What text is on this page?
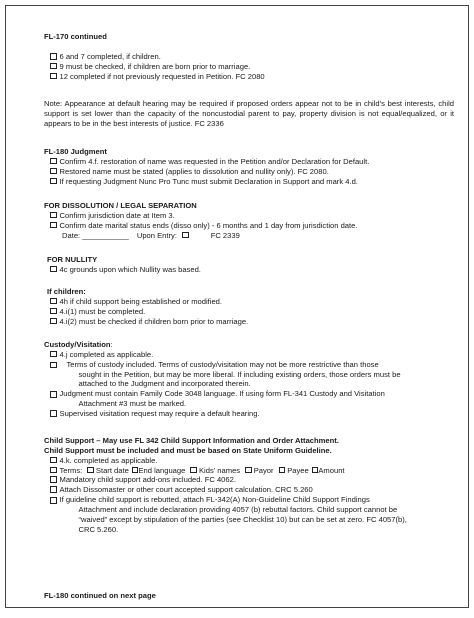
FL-170 continued
6 and 7 completed, if children.
9 must be checked, if children are born prior to marriage.
12 completed if not previously requested in Petition. FC 2080
Note: Appearance at default hearing may be required if proposed orders appear not to be in child's best interests, child support is set lower than the capacity of the noncustodial parent to pay, property division is not equal/equalized, or it appears to be in the best interests of justice. FC 2336
FL-180 Judgment
Confirm 4.f. restoration of name was requested in the Petition and/or Declaration for Default.
Restored name must be stated (applies to dissolution and nullity only). FC 2080.
If requesting Judgment Nunc Pro Tunc must submit Declaration in Support and mark 4.d.
FOR DISSOLUTION / LEGAL SEPARATION
Confirm jurisdiction date at Item 3.
Confirm date marital status ends (disso only) - 6 months and 1 day from jurisdiction date.
Date: ___________ Upon Entry:	FC 2339
FOR NULLITY
4c grounds upon which Nullity was based.
If children:
4h if child support being established or modified.
4.i(1) must be completed.
4.i(2) must be checked if children born prior to marriage.
Custody/Visitation:
4.j completed as applicable.
Terms of custody included. Terms of custody/visitation may not be more restrictive than those
sought in the Petition, but may be more liberal. If including existing orders, those orders must be
attached to the Judgment and incorporated therein.
Judgment must contain Family Code 3048 language. If using form FL-341 Custody and Visitation
Attachment #3 must be marked.
Supervised visitation request may require a default hearing.
Child Support – May use FL 342 Child Support Information and Order Attachment.
Child Support must be included and must be based on State Uniform Guideline.
4.k. completed as applicable.
Terms: Start date End language Kids' names Payor Payee Amount
Mandatory child support add-ons included. FC 4062.
Attach Dissomaster or other court accepted support calculation. CRC 5.260
If guideline child support is rebutted, attach FL-342(A) Non-Guideline Child Support Findings
Attachment and include declaration providing 4057 (b) rebuttal factors. Child support cannot be
“waived” except by stipulation of the parties (see Checklist 10) but can be set at zero. FC 4057(b),
CRC 5.260.
FL-180 continued on next page
